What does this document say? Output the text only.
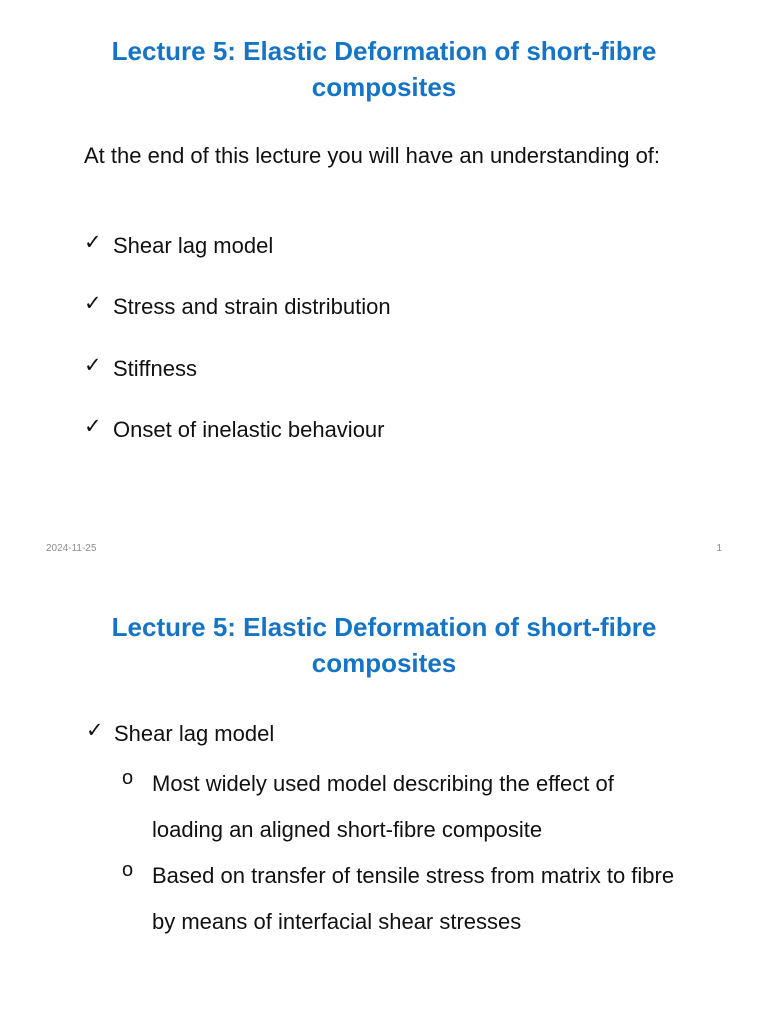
Lecture 5: Elastic Deformation of short-fibre composites
At the end of this lecture you will have an understanding of:
✓ Shear lag model
✓ Stress and strain distribution
✓ Stiffness
✓ Onset of inelastic behaviour
2024-11-25	1
Lecture 5: Elastic Deformation of short-fibre composites
✓ Shear lag model
o Most widely used model describing the effect of loading an aligned short-fibre composite
o Based on transfer of tensile stress from matrix to fibre by means of interfacial shear stresses
